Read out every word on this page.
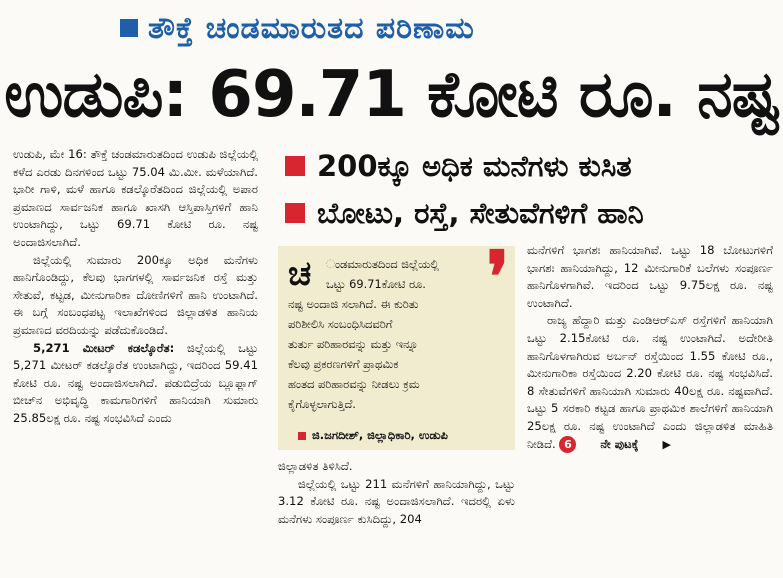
ತೌಕ್ತೆ ಚಂಡಮಾರುತದ ಪರಿಣಾಮ
ಉಡುಪಿ: 69.71 ಕೋಟಿ ರೂ. ನಷ್ಟ

ಉಡುಪಿ, ಮೇ 16: ತೌಕ್ತೆ ಚಂಡಮಾರುತದಿಂದ ಉಡುಪಿ ಜಿಲ್ಲೆಯಲ್ಲಿ ಕಳೆದ ಎರಡು ದಿನಗಳಿಂದ ಒಟ್ಟು 75.04 ಮಿ.ಮೀ. ಮಳೆಯಾಗಿದೆ. ಭಾರೀ ಗಾಳಿ, ಮಳೆ ಹಾಗೂ ಕಡಲ್ಕೊರೆತದಿಂದ ಜಿಲ್ಲೆಯಲ್ಲಿ ಅಪಾರ ಪ್ರಮಾಣದ ಸಾರ್ವಜನಿಕ ಹಾಗೂ ಖಾಸಗಿ ಆಸ್ತಿಪಾಸ್ತಿಗಳಿಗೆ ಹಾನಿ ಉಂಟಾಗಿದ್ದು, ಒಟ್ಟು 69.71 ಕೋಟಿ ರೂ. ನಷ್ಟ ಅಂದಾಜಿಸಲಾಗಿದೆ.

ಜಿಲ್ಲೆಯಲ್ಲಿ ಸುಮಾರು 200ಕ್ಕೂ ಅಧಿಕ ಮನೆಗಳು ಹಾನಿಗೊಂಡಿದ್ದು, ಕೆಲವು ಭಾಗಗಳಲ್ಲಿ ಸಾರ್ವಜನಿಕ ರಸ್ತೆ ಮತ್ತು ಸೇತುವೆ, ಕಟ್ಟಡ, ಮೀನುಗಾರಿಕಾ ದೋಣಿಗಳಿಗೆ ಹಾನಿ ಉಂಟಾಗಿದೆ. ಈ ಬಗ್ಗೆ ಸಂಬಂಧಪಟ್ಟ ಇಲಾಖೆಗಳಿಂದ ಜಿಲ್ಲಾಡಳಿತ ಹಾನಿಯ ಪ್ರಮಾಣದ ವರದಿಯನ್ನು ಪಡೆದುಕೊಂಡಿದೆ.

5,271 ಮೀಟರ್ ಕಡಲ್ಕೊರೆತ: ಜಿಲ್ಲೆಯಲ್ಲಿ ಒಟ್ಟು 5,271 ಮೀಟರ್ ಕಡಲ್ಕೊರೆತ ಉಂಟಾಗಿದ್ದು, ಇದರಿಂದ 59.41 ಕೋಟಿ ರೂ. ನಷ್ಟ ಅಂದಾಜಿಸಲಾಗಿದೆ. ಪಡುಬಿದ್ರೆಯ ಬ್ಲೂಫ್ಲಾಗ್ ಬೀಚ್‌ನ ಅಭಿವೃದ್ಧಿ ಕಾಮಗಾರಿಗಳಿಗೆ ಹಾನಿಯಾಗಿ ಸುಮಾರು 25.85ಲಕ್ಷ ರೂ. ನಷ್ಟ ಸಂಭವಿಸಿದೆ ಎಂದು

200ಕ್ಕೂ ಅಧಿಕ ಮನೆಗಳು ಕುಸಿತ
ಬೋಟು, ರಸ್ತೆ, ಸೇತುವೆಗಳಿಗೆ ಹಾನಿ
ಚ	❜
ಂಡಮಾರುತದಿಂದ ಜಿಲ್ಲೆಯಲ್ಲಿ
ಒಟ್ಟು 69.71ಕೋಟಿ ರೂ.
ನಷ್ಟ ಅಂದಾಜಿ ಸಲಾಗಿದೆ. ಈ ಕುರಿತು
ಪರಿಶೀಲಿಸಿ ಸಂಬಂಧಿಸಿದವರಿಗೆ
ತುರ್ತು ಪರಿಹಾರವನ್ನು ಮತ್ತು ಇನ್ನೂ
ಕೆಲವು ಪ್ರಕರಣಗಳಿಗೆ ಪ್ರಾಥಮಿಕ
ಹಂತದ ಪರಿಹಾರವನ್ನು ನೀಡಲು ಕ್ರಮ
ಕೈಗೊಳ್ಳಲಾಗುತ್ತಿದೆ.
ಜಿ.ಜಗದೀಶ್, ಜಿಲ್ಲಾಧಿಕಾರಿ, ಉಡುಪಿ

ಜಿಲ್ಲಾಡಳಿತ ತಿಳಿಸಿದೆ.

ಜಿಲ್ಲೆಯಲ್ಲಿ ಒಟ್ಟು 211 ಮನೆಗಳಿಗೆ ಹಾನಿಯಾಗಿದ್ದು, ಒಟ್ಟು 3.12 ಕೋಟಿ ರೂ. ನಷ್ಟ ಅಂದಾಜಿಸಲಾಗಿದೆ. ಇದರಲ್ಲಿ ಏಳು ಮನೆಗಳು ಸಂಪೂರ್ಣ ಕುಸಿದಿದ್ದು, 204

ಮನೆಗಳಿಗೆ ಭಾಗಶಃ ಹಾನಿಯಾಗಿವೆ. ಒಟ್ಟು 18 ಬೋಟುಗಳಿಗೆ ಭಾಗಶಃ ಹಾನಿಯಾಗಿದ್ದು, 12 ಮೀನುಗಾರಿಕೆ ಬಲೆಗಳು ಸಂಪೂರ್ಣ ಹಾನಿಗೊಳಗಾಗಿವೆ. ಇದರಿಂದ ಒಟ್ಟು 9.75ಲಕ್ಷ ರೂ. ನಷ್ಟ ಉಂಟಾಗಿದೆ.

ರಾಜ್ಯ ಹೆದ್ದಾರಿ ಮತ್ತು ಎಂಡಿಆರ್‌ಎಸ್ ರಸ್ತೆಗಳಿಗೆ ಹಾನಿಯಾಗಿ ಒಟ್ಟು 2.15ಕೋಟಿ ರೂ. ನಷ್ಟ ಉಂಟಾಗಿದೆ. ಅದೇರೀತಿ ಹಾನಿಗೊಳಗಾಗಿರುವ ಅರ್ಬನ್ ರಸ್ತೆಯಿಂದ 1.55 ಕೋಟಿ ರೂ., ಮೀನುಗಾರಿಕಾ ರಸ್ತೆಯಿಂದ 2.20 ಕೋಟಿ ರೂ. ನಷ್ಟ ಸಂಭವಿಸಿದೆ. 8 ಸೇತುವೆಗಳಿಗೆ ಹಾನಿಯಾಗಿ ಸುಮಾರು 40ಲಕ್ಷ ರೂ. ನಷ್ಟವಾಗಿದೆ. ಒಟ್ಟು 5 ಸರಕಾರಿ ಕಟ್ಟಡ ಹಾಗೂ ಪ್ರಾಥಮಿಕ ಶಾಲೆಗಳಿಗೆ ಹಾನಿಯಾಗಿ 25ಲಕ್ಷ ರೂ. ನಷ್ಟ ಉಂಟಾಗಿದೆ ಎಂದು ಜಿಲ್ಲಾಡಳಿತ ಮಾಹಿತಿ ನೀಡಿದೆ. 6	ನೇ ಪುಟಕ್ಕೆ	▶
